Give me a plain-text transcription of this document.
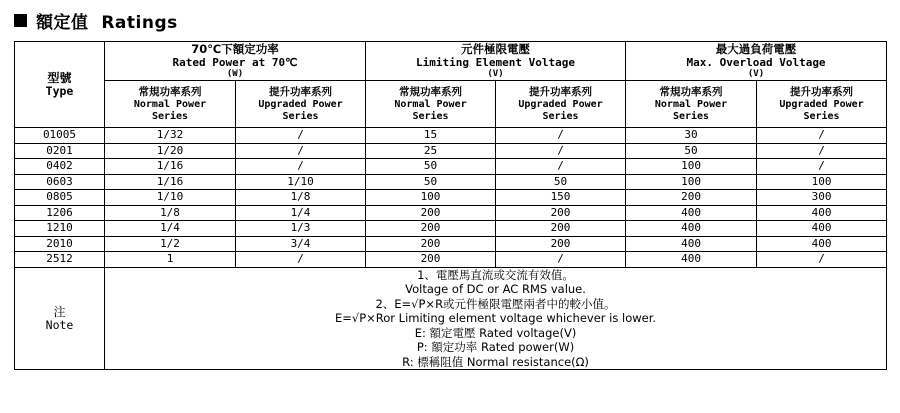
額定值  Ratings
型號
Type	70℃下額定功率
Rated Power at 70℃
(W)		元件極限電壓
Limiting Element Voltage
(V)		最大過負荷電壓
Max. Overload Voltage
(V)	

	常規功率系列
Normal Power
Series	提升功率系列
Upgraded Power
Series	常規功率系列
Normal Power
Series	提升功率系列
Upgraded Power
Series	常規功率系列
Normal Power
Series	提升功率系列
Upgraded Power
Series

01005	1/32	/	15	/	30	/
0201	1/20	/	25	/	50	/
0402	1/16	/	50	/	100	/
0603	1/16	1/10	50	50	100	100
0805	1/10	1/8	100	150	200	300
1206	1/8	1/4	200	200	400	400
1210	1/4	1/3	200	200	400	400
2010	1/2	3/4	200	200	400	400
2512	1	/	200	/	400	/

注
Note

1、電壓馬直流或交流有效值。
Voltage of DC or AC RMS value.
2、E=√P×R或元件極限電壓兩者中的較小值。
E=√P×Ror Limiting element voltage whichever is lower.
E: 額定電壓 Rated voltage(V)
P: 額定功率 Rated power(W)
R: 標稱阻值 Normal resistance(Ω)
